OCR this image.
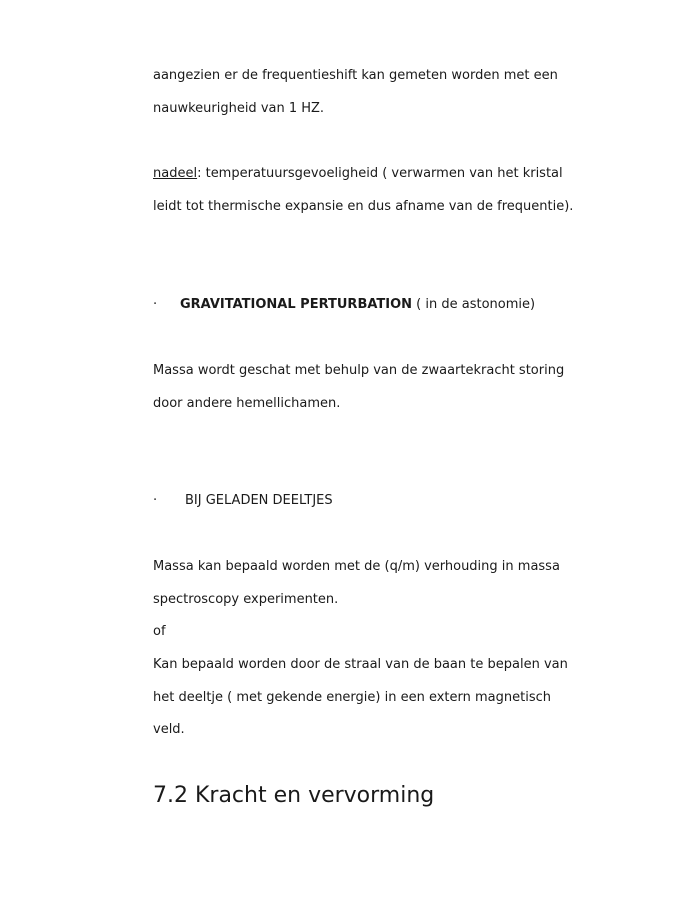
aangezien er de frequentieshift kan gemeten worden met een
nauwkeurigheid van 1 HZ.
nadeel: temperatuursgevoeligheid ( verwarmen van het kristal
leidt tot thermische expansie en dus afname van de frequentie).
· GRAVITATIONAL PERTURBATION ( in de astonomie)
Massa wordt geschat met behulp van de zwaartekracht storing
door andere hemellichamen.
· BIJ GELADEN DEELTJES
Massa kan bepaald worden met de (q/m) verhouding in massa
spectroscopy experimenten.
of
Kan bepaald worden door de straal van de baan te bepalen van
het deeltje ( met gekende energie) in een extern magnetisch
veld.
7.2 Kracht en vervorming
